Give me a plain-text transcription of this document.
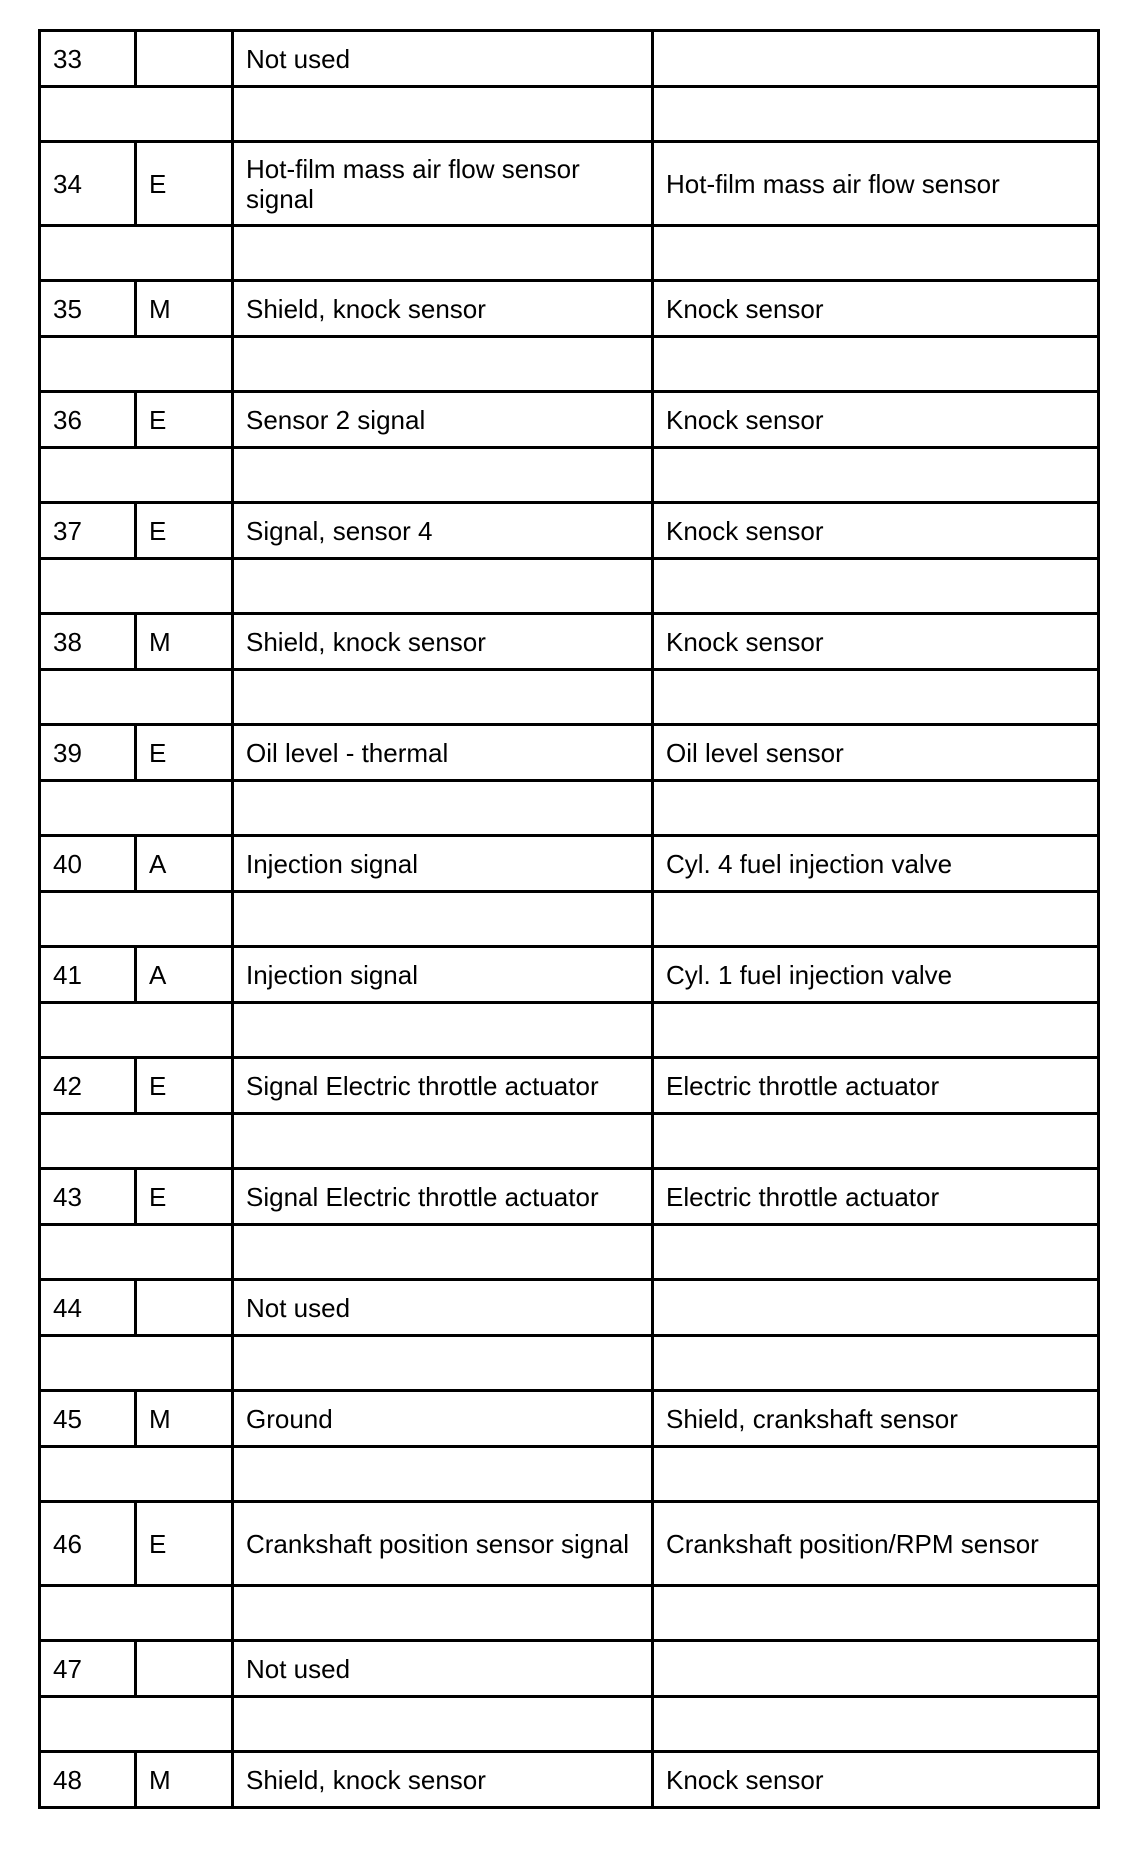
33		Not used	

34	E	Hot-film mass air flow sensor signal	Hot-film mass air flow sensor

35	M	Shield, knock sensor	Knock sensor

36	E	Sensor 2 signal	Knock sensor

37	E	Signal, sensor 4	Knock sensor

38	M	Shield, knock sensor	Knock sensor

39	E	Oil level - thermal	Oil level sensor

40	A	Injection signal	Cyl. 4 fuel injection valve

41	A	Injection signal	Cyl. 1 fuel injection valve

42	E	Signal Electric throttle actuator	Electric throttle actuator

43	E	Signal Electric throttle actuator	Electric throttle actuator

44		Not used	

45	M	Ground	Shield, crankshaft sensor

46	E	Crankshaft position sensor signal	Crankshaft position/RPM sensor

47		Not used	

48	M	Shield, knock sensor	Knock sensor
